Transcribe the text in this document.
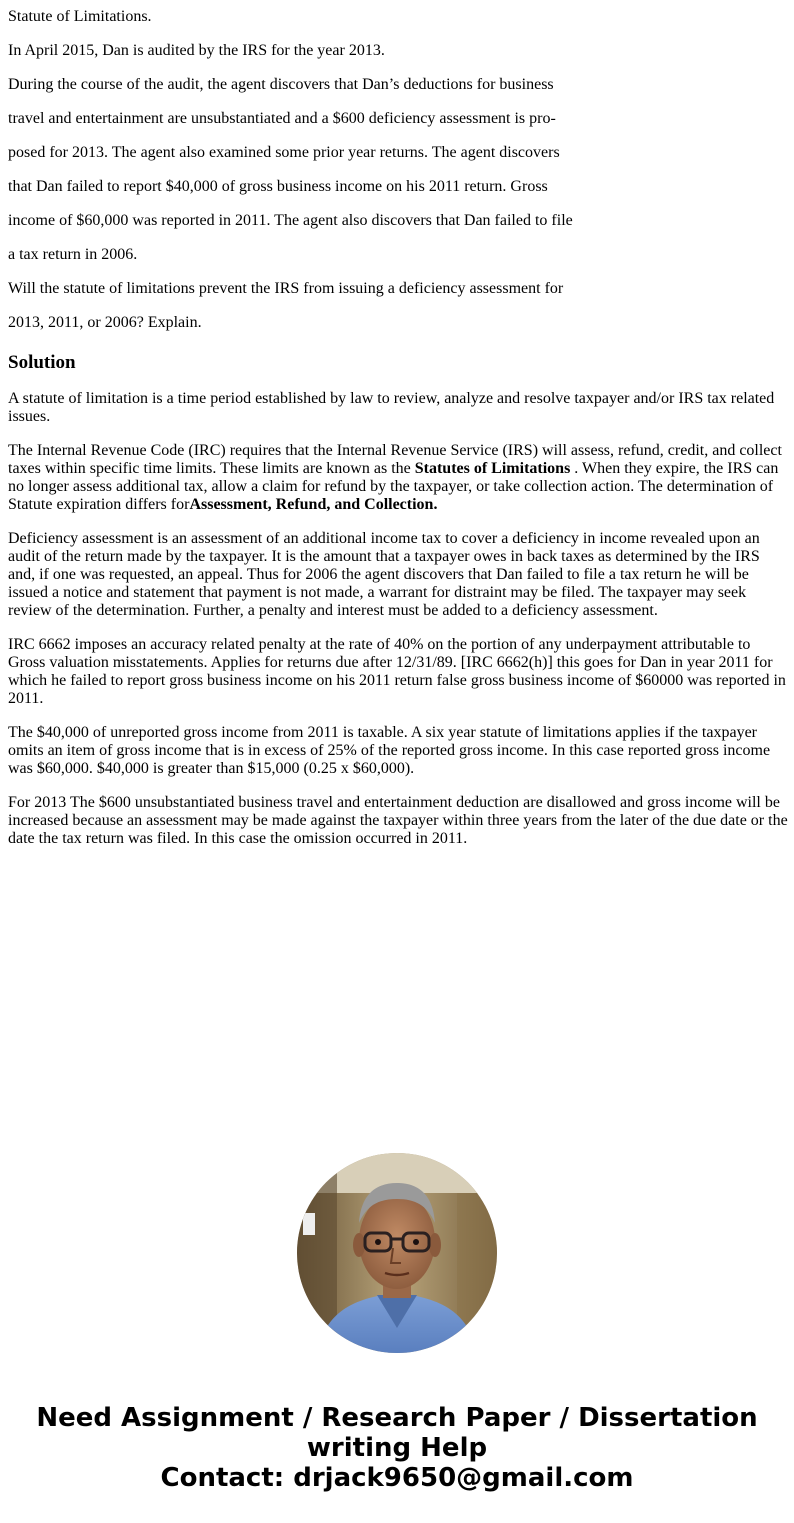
Statute of Limitations.

In April 2015, Dan is audited by the IRS for the year 2013.

During the course of the audit, the agent discovers that Dan’s deductions for business

travel and entertainment are unsubstantiated and a $600 deficiency assessment is pro-

posed for 2013. The agent also examined some prior year returns. The agent discovers

that Dan failed to report $40,000 of gross business income on his 2011 return. Gross

income of $60,000 was reported in 2011. The agent also discovers that Dan failed to file

a tax return in 2006.

Will the statute of limitations prevent the IRS from issuing a deficiency assessment for

2013, 2011, or 2006? Explain.

Solution

A statute of limitation is a time period established by law to review, analyze and resolve taxpayer and/or IRS tax related issues.

The Internal Revenue Code (IRC) requires that the Internal Revenue Service (IRS) will assess, refund, credit, and collect taxes within specific time limits. These limits are known as the Statutes of Limitations . When they expire, the IRS can no longer assess additional tax, allow a claim for refund by the taxpayer, or take collection action. The determination of Statute expiration differs forAssessment, Refund, and Collection.

Deficiency assessment is an assessment of an additional income tax to cover a deficiency in income revealed upon an audit of the return made by the taxpayer. It is the amount that a taxpayer owes in back taxes as determined by the IRS and, if one was requested, an appeal. Thus for 2006 the agent discovers that Dan failed to file a tax return he will be issued a notice and statement that payment is not made, a warrant for distraint may be filed. The taxpayer may seek review of the determination. Further, a penalty and interest must be added to a deficiency assessment.

IRC 6662 imposes an accuracy related penalty at the rate of 40% on the portion of any underpayment attributable to Gross valuation misstatements. Applies for returns due after 12/31/89. [IRC 6662(h)] this goes for Dan in year 2011 for which he failed to report gross business income on his 2011 return false gross business income of $60000 was reported in 2011.

The $40,000 of unreported gross income from 2011 is taxable. A six year statute of limitations applies if the taxpayer omits an item of gross income that is in excess of 25% of the reported gross income. In this case reported gross income was $60,000. $40,000 is greater than $15,000 (0.25 x $60,000).

For 2013 The $600 unsubstantiated business travel and entertainment deduction are disallowed and gross income will be increased because an assessment may be made against the taxpayer within three years from the later of the due date or the date the tax return was filed. In this case the omission occurred in 2011.

Need Assignment / Research Paper / Dissertation
writing Help
Contact: drjack9650@gmail.com
